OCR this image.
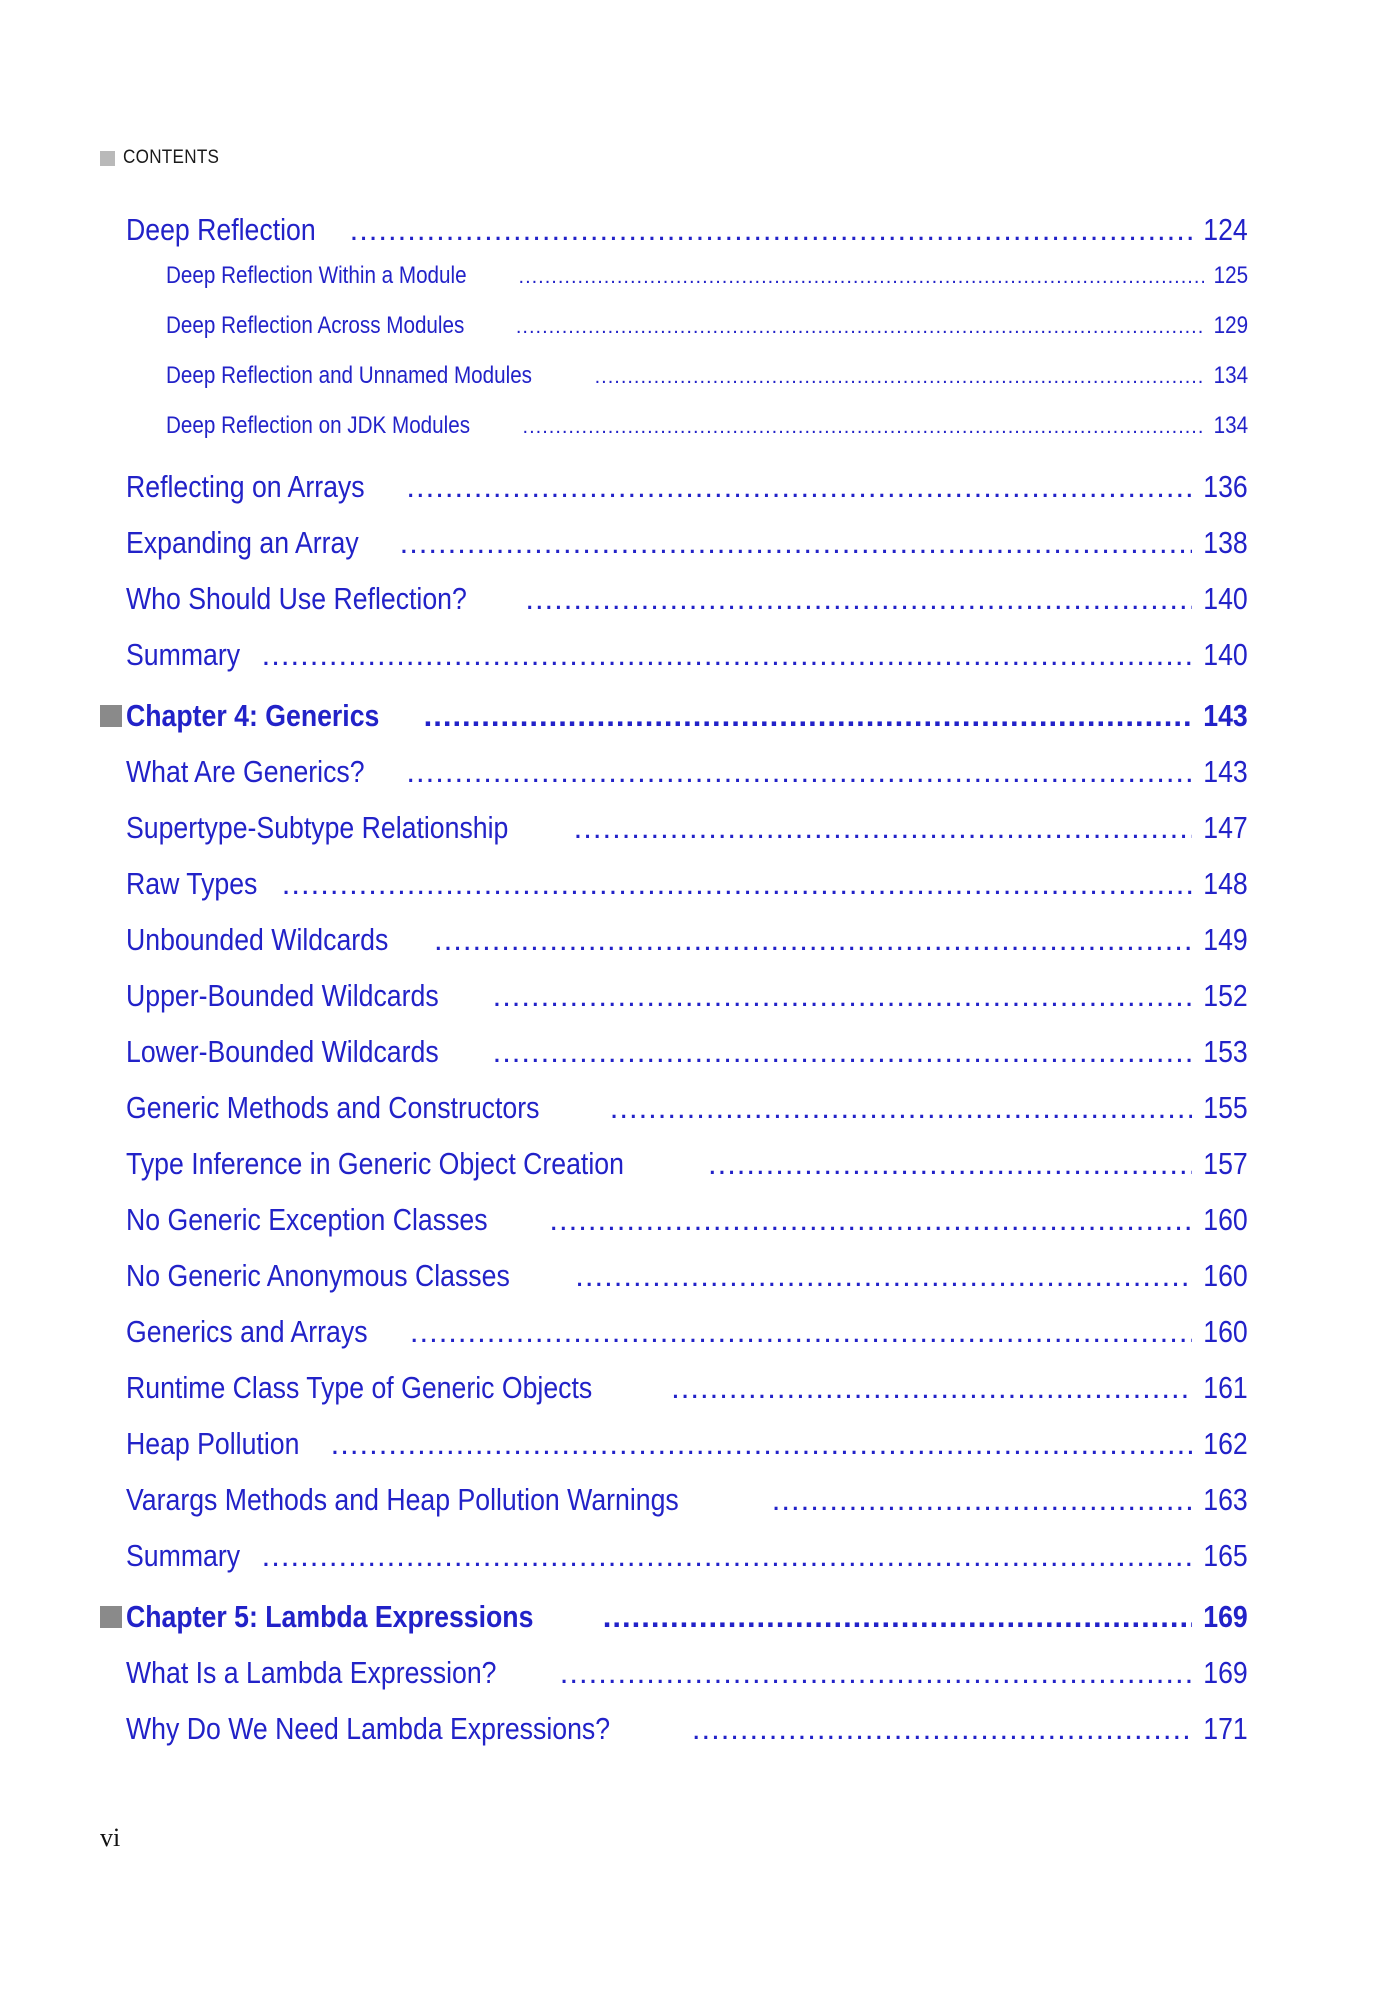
CONTENTS
Deep Reflection .....	124
Deep Reflection Within a Module .....	125
Deep Reflection Across Modules .....	129
Deep Reflection and Unnamed Modules .....	134
Deep Reflection on JDK Modules .....	134
Reflecting on Arrays .....	136
Expanding an Array .....	138
Who Should Use Reflection? .....	140
Summary .....	140
Chapter 4: Generics .....	143
What Are Generics? .....	143
Supertype-Subtype Relationship .....	147
Raw Types .....	148
Unbounded Wildcards .....	149
Upper-Bounded Wildcards .....	152
Lower-Bounded Wildcards .....	153
Generic Methods and Constructors .....	155
Type Inference in Generic Object Creation .....	157
No Generic Exception Classes .....	160
No Generic Anonymous Classes .....	160
Generics and Arrays .....	160
Runtime Class Type of Generic Objects .....	161
Heap Pollution .....	162
Varargs Methods and Heap Pollution Warnings .....	163
Summary .....	165
Chapter 5: Lambda Expressions .....	169
What Is a Lambda Expression? .....	169
Why Do We Need Lambda Expressions? .....	171
vi
